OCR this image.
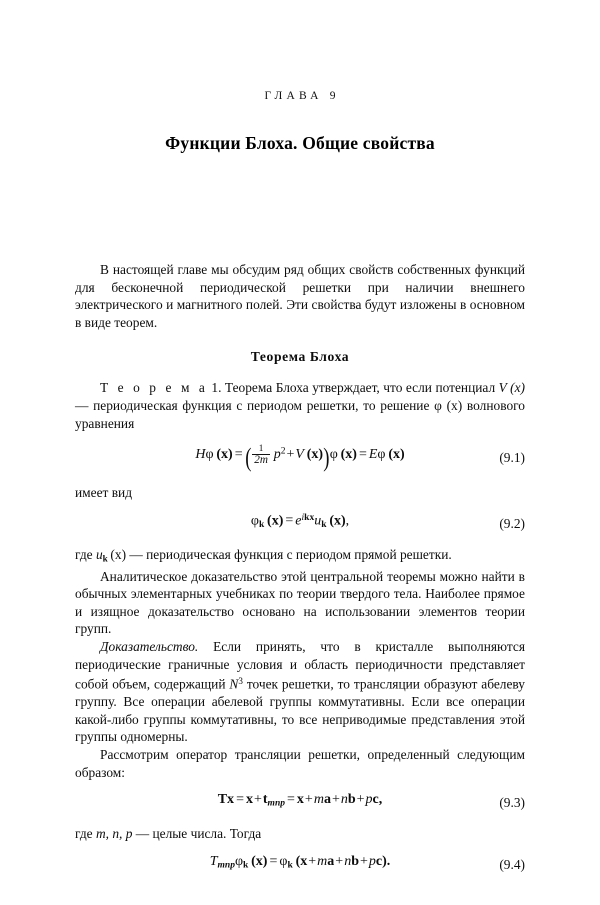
ГЛАВА 9
Функции Блоха. Общие свойства

В настоящей главе мы обсудим ряд общих свойств собственных функций для бесконечной периодической решетки при наличии внешнего электрического и магнитного полей. Эти свойства будут изложены в основном в виде теорем.

Теорема Блоха

Т е о р е м а 1. Теорема Блоха утверждает, что если потенциал V (x) — периодическая функция с периодом решетки, то решение φ (x) волнового уравнения

Hφ (x) =( $\frac{1}{2m} p^2+V$ (x))φ (x) = Eφ (x)	(9.1)

имеет вид

$\varphi_k$ $(x) = e^{ikx}u_k$ (x),	(9.2)

где $u_k$  (x) — периодическая функция с периодом прямой решетки.

Аналитическое доказательство этой центральной теоремы можно найти в обычных элементарных учебниках по теории твердого тела. Наиболее прямое и изящное доказательство основано на использовании элементов теории групп.

Доказательство. Если принять, что в кристалле выполняются периодические граничные условия и область периодичности представляет собой объем, содержащий $N^3$ точек решетки, то трансляции образуют абелеву группу. Все операции абелевой группы коммутативны. Если все операции какой-либо группы коммутативны, то все неприводимые представления этой группы одномерны.

Рассмотрим оператор трансляции решетки, определенный следующим образом:

$Tx = x+t_{mnp} = x+ma+nb+pc$,	(9.3)

где m, n, p — целые числа. Тогда

$T_{mnp}\varphi_k$ $(x) = \varphi_k$ (x+ma+nb+pc).	(9.4)
